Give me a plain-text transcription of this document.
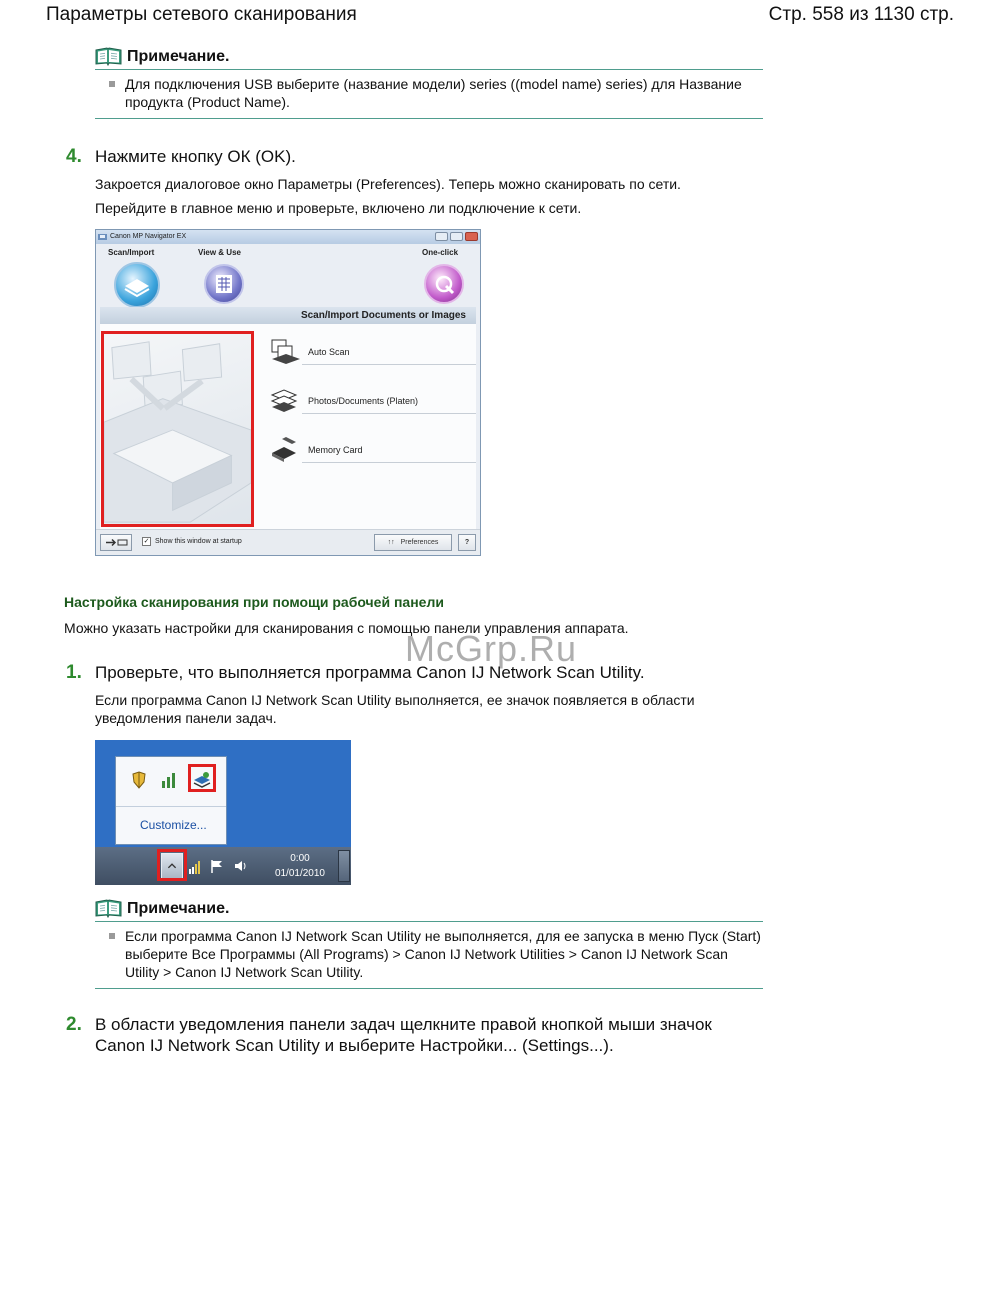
Параметры сетевого сканирования	Стр. 558 из 1130 стр.
Примечание.
Для подключения USB выберите (название модели) series ((model name) series) для Название продукта (Product Name).
4. Нажмите кнопку ОК (OK).
Закроется диалоговое окно Параметры (Preferences). Теперь можно сканировать по сети.
Перейдите в главное меню и проверьте, включено ли подключение к сети.
Canon MP Navigator EX
Scan/Import	View & Use	One-click
Scan/Import Documents or Images
Auto Scan
Photos/Documents (Platen)
Memory Card
✓ Show this window at startup	↑↑ Preferences	?
Настройка сканирования при помощи рабочей панели
Можно указать настройки для сканирования с помощью панели управления аппарата.
McGrp.Ru
1. Проверьте, что выполняется программа Canon IJ Network Scan Utility.
Если программа Canon IJ Network Scan Utility выполняется, ее значок появляется в области уведомления панели задач.
Customize...
0:00
01/01/2010
Примечание.
Если программа Canon IJ Network Scan Utility не выполняется, для ее запуска в меню Пуск (Start) выберите Все Программы (All Programs) > Canon IJ Network Utilities > Canon IJ Network Scan Utility > Canon IJ Network Scan Utility.
2. В области уведомления панели задач щелкните правой кнопкой мыши значок Canon IJ Network Scan Utility и выберите Настройки... (Settings...).
